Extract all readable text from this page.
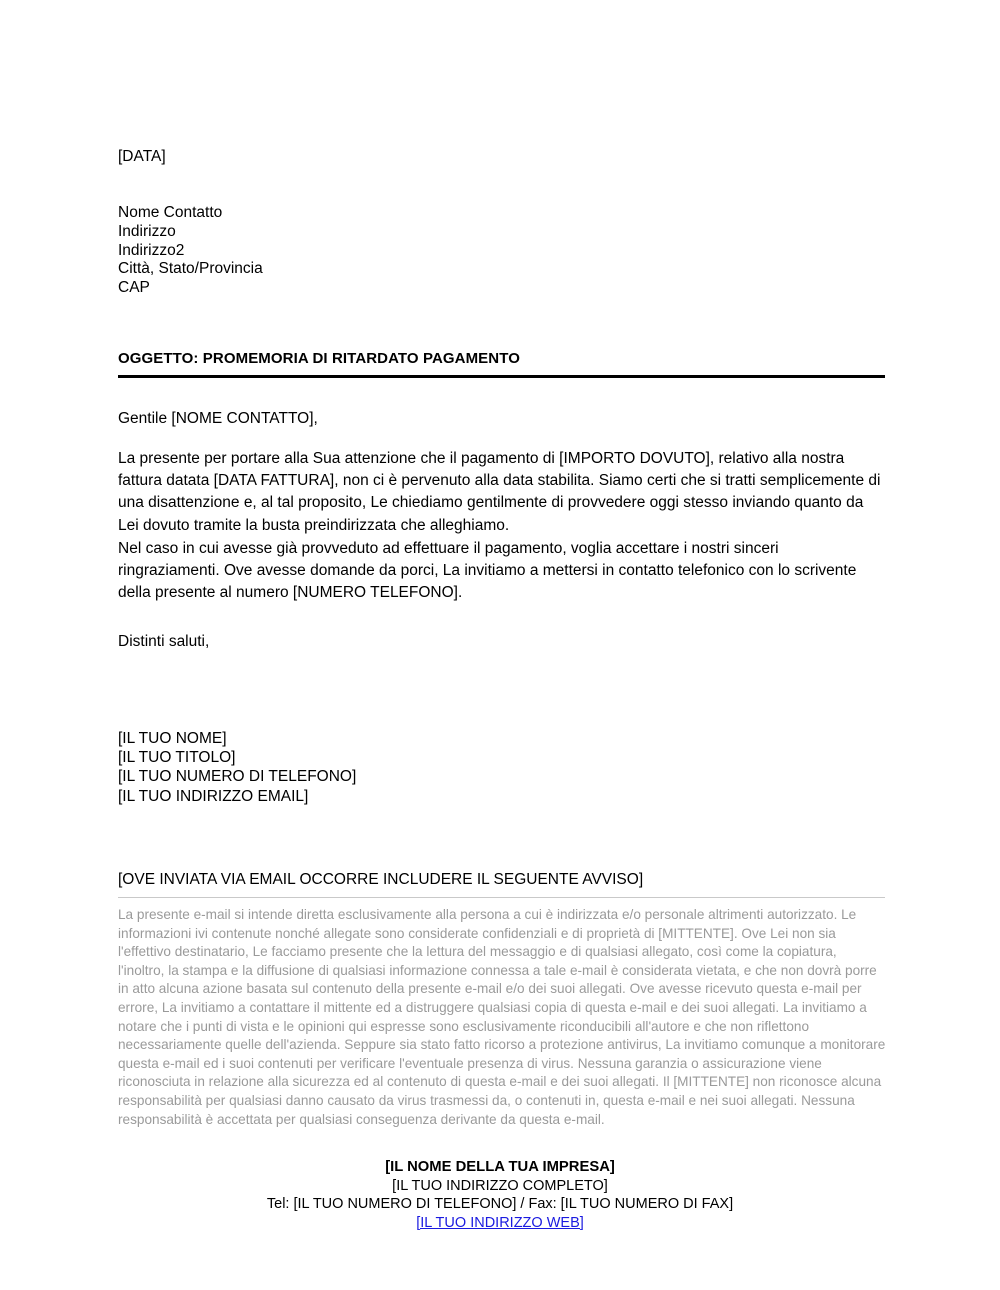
[DATA]
Nome Contatto
Indirizzo
Indirizzo2
Città, Stato/Provincia
CAP
OGGETTO: PROMEMORIA DI RITARDATO PAGAMENTO
Gentile [NOME CONTATTO],
La presente per portare alla Sua attenzione che il pagamento di [IMPORTO DOVUTO], relativo alla nostra fattura datata [DATA FATTURA], non ci è pervenuto alla data stabilita. Siamo certi che si tratti semplicemente di una disattenzione e, al tal proposito, Le chiediamo gentilmente di provvedere oggi stesso inviando quanto da Lei dovuto tramite la busta preindirizzata che alleghiamo.
Nel caso in cui avesse già provveduto ad effettuare il pagamento, voglia accettare i nostri sinceri ringraziamenti. Ove avesse domande da porci, La invitiamo a mettersi in contatto telefonico con lo scrivente della presente al numero [NUMERO TELEFONO].
Distinti saluti,
[IL TUO NOME]
[IL TUO TITOLO]
[IL TUO NUMERO DI TELEFONO]
[IL TUO INDIRIZZO EMAIL]
[OVE INVIATA VIA EMAIL OCCORRE INCLUDERE IL SEGUENTE AVVISO]
La presente e-mail si intende diretta esclusivamente alla persona a cui è indirizzata e/o personale altrimenti autorizzato. Le informazioni ivi contenute nonché allegate sono considerate confidenziali e di proprietà di [MITTENTE]. Ove Lei non sia l'effettivo destinatario, Le facciamo presente che la lettura del messaggio e di qualsiasi allegato, così come la copiatura, l'inoltro, la stampa e la diffusione di qualsiasi informazione connessa a tale e-mail è considerata vietata, e che non dovrà porre in atto alcuna azione basata sul contenuto della presente e-mail e/o dei suoi allegati. Ove avesse ricevuto questa e-mail per errore, La invitiamo a contattare il mittente ed a distruggere qualsiasi copia di questa e-mail e dei suoi allegati. La invitiamo a notare che i punti di vista e le opinioni qui espresse sono esclusivamente riconducibili all'autore e che non riflettono necessariamente quelle dell'azienda. Seppure sia stato fatto ricorso a protezione antivirus, La invitiamo comunque a monitorare questa e-mail ed i suoi contenuti per verificare l'eventuale presenza di virus. Nessuna garanzia o assicurazione viene riconosciuta in relazione alla sicurezza ed al contenuto di questa e-mail e dei suoi allegati. Il [MITTENTE] non riconosce alcuna responsabilità per qualsiasi danno causato da virus trasmessi da, o contenuti in, questa e-mail e nei suoi allegati. Nessuna responsabilità è accettata per qualsiasi conseguenza derivante da questa e-mail.
[IL NOME DELLA TUA IMPRESA]
[IL TUO INDIRIZZO COMPLETO]
Tel: [IL TUO NUMERO DI TELEFONO] / Fax: [IL TUO NUMERO DI FAX]
[IL TUO INDIRIZZO WEB]
